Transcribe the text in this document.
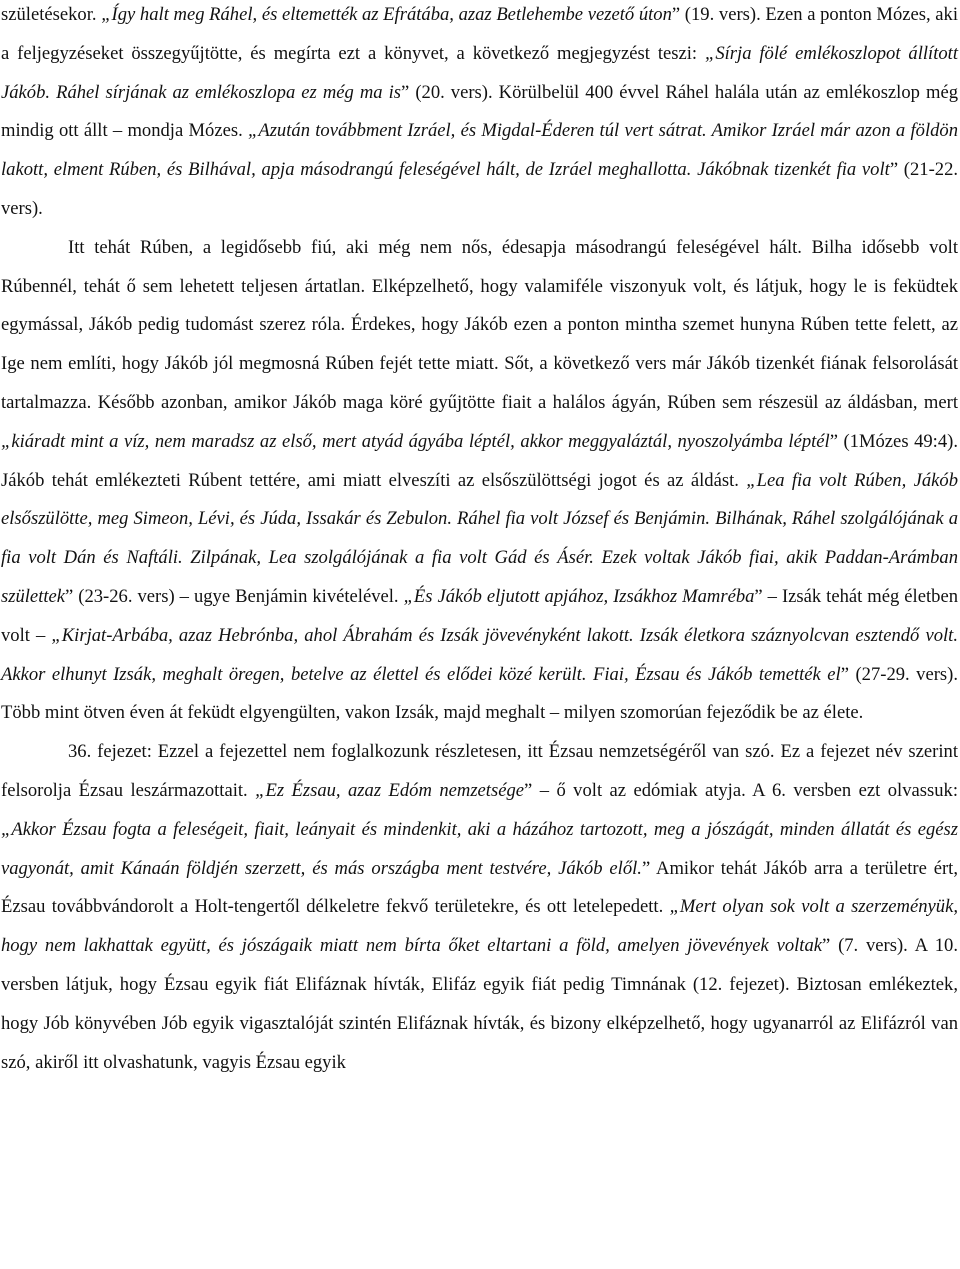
születésekor. „Így halt meg Ráhel, és eltemették az Efrátába, azaz Betlehembe vezető úton” (19. vers). Ezen a ponton Mózes, aki a feljegyzéseket összegyűjtötte, és megírta ezt a könyvet, a következő megjegyzést teszi: „Sírja fölé emlékoszlopot állított Jákób. Ráhel sírjának az emlékoszlopa ez még ma is” (20. vers). Körülbelül 400 évvel Ráhel halála után az emlékoszlop még mindig ott állt – mondja Mózes. „Azután továbbment Izráel, és Migdal-Éderen túl vert sátrat. Amikor Izráel már azon a földön lakott, elment Rúben, és Bilhával, apja másodrangú feleségével hált, de Izráel meghallotta. Jákóbnak tizenkét fia volt” (21-22. vers).

Itt tehát Rúben, a legidősebb fiú, aki még nem nős, édesapja másodrangú feleségével hált. Bilha idősebb volt Rúbennél, tehát ő sem lehetett teljesen ártatlan. Elképzelhető, hogy valamiféle viszonyuk volt, és látjuk, hogy le is feküdtek egymással, Jákób pedig tudomást szerez róla. Érdekes, hogy Jákób ezen a ponton mintha szemet hunyna Rúben tette felett, az Ige nem említi, hogy Jákób jól megmosná Rúben fejét tette miatt. Sőt, a következő vers már Jákób tizenkét fiának felsorolását tartalmazza. Később azonban, amikor Jákób maga köré gyűjtötte fiait a halálos ágyán, Rúben sem részesül az áldásban, mert „kiáradt mint a víz, nem maradsz az első, mert atyád ágyába léptél, akkor meggyaláztál, nyoszolyámba léptél” (1Mózes 49:4). Jákób tehát emlékezteti Rúbent tettére, ami miatt elveszíti az elsőszülöttségi jogot és az áldást. „Lea fia volt Rúben, Jákób elsőszülötte, meg Simeon, Lévi, és Júda, Issakár és Zebulon. Ráhel fia volt József és Benjámin. Bilhának, Ráhel szolgálójának a fia volt Dán és Naftáli. Zilpának, Lea szolgálójának a fia volt Gád és Ásér. Ezek voltak Jákób fiai, akik Paddan-Arámban születtek” (23-26. vers) – ugye Benjámin kivételével. „És Jákób eljutott apjához, Izsákhoz Mamrébа” – Izsák tehát még életben volt – „Kirjat-Arbába, azaz Hebrónba, ahol Ábrahám és Izsák jövevényként lakott. Izsák életkora száznyolcvan esztendő volt. Akkor elhunyt Izsák, meghalt öregen, betelve az élettel és elődei közé került. Fiai, Ézsau és Jákób temették el” (27-29. vers). Több mint ötven éven át feküdt elgyengülten, vakon Izsák, majd meghalt – milyen szomorúan fejeződik be az élete.

36. fejezet: Ezzel a fejezettel nem foglalkozunk részletesen, itt Ézsau nemzetségéről van szó. Ez a fejezet név szerint felsorolja Ézsau leszármazottait. „Ez Ézsau, azaz Edóm nemzetsége” – ő volt az edómiak atyja. A 6. versben ezt olvassuk: „Akkor Ézsau fogta a feleségeit, fiait, leányait és mindenkit, aki a házához tartozott, meg a jószágát, minden állatát és egész vagyonát, amit Kánaán földjén szerzett, és más országba ment testvére, Jákób elől.” Amikor tehát Jákób arra a területre ért, Ézsau továbbvándorolt a Holt-tengertől délkeletre fekvő területekre, és ott letelepedett. „Mert olyan sok volt a szerzeményük, hogy nem lakhattak együtt, és jószágaik miatt nem bírta őket eltartani a föld, amelyen jövevények voltak” (7. vers). A 10. versben látjuk, hogy Ézsau egyik fiát Elifáznak hívták, Elifáz egyik fiát pedig Timnának (12. fejezet). Biztosan emlékeztek, hogy Jób könyvében Jób egyik vigasztalóját szintén Elifáznak hívták, és bizony elképzelhető, hogy ugyanarról az Elifázról van szó, akiről itt olvashatunk, vagyis Ézsau egyik
